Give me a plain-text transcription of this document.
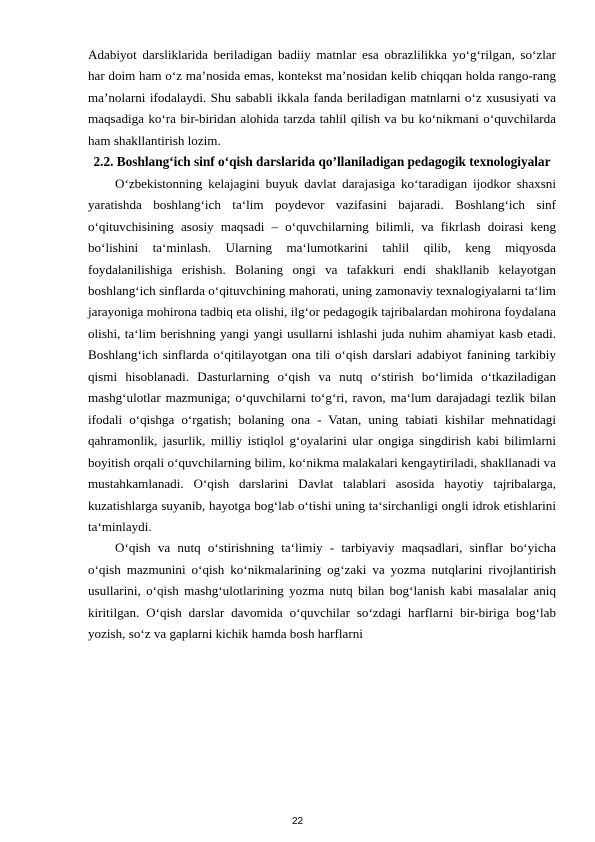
Adabiyot darsliklarida beriladigan badiiy matnlar esa obrazlilikka yo‘g‘rilgan, so‘zlar har doim ham o‘z ma’nosida emas, kontekst ma’nosidan kelib chiqqan holda rango-rang ma’nolarni ifodalaydi. Shu sababli ikkala fanda beriladigan matnlarni o‘z xususiyati va maqsadiga ko‘ra bir-biridan alohida tarzda tahlil qilish va bu ko‘nikmani o‘quvchilarda ham shakllantirish lozim.

2.2. Boshlang‘ich sinf o‘qish darslarida qo’llaniladigan pedagogik texnologiyalar

O‘zbekistonning kelajagini buyuk davlat darajasiga ko‘taradigan ijodkor shaxsni yaratishda boshlang‘ich ta‘lim poydevor vazifasini bajaradi. Boshlang‘ich sinf o‘qituvchisining asosiy maqsadi – o‘quvchilarning bilimli, va fikrlash doirasi keng bo‘lishini ta‘minlash. Ularning ma‘lumotkarini tahlil qilib, keng miqyosda foydalanilishiga erishish. Bolaning ongi va tafakkuri endi shakllanib kelayotgan boshlang‘ich sinflarda o‘qituvchining mahorati, uning zamonaviy texnalogiyalarni ta‘lim jarayoniga mohirona tadbiq eta olishi, ilg‘or pedagogik tajribalardan mohirona foydalana olishi, ta‘lim berishning yangi yangi usullarni ishlashi juda nuhim ahamiyat kasb etadi. Boshlang‘ich sinflarda o‘qitilayotgan ona tili o‘qish darslari adabiyot fanining tarkibiy qismi hisoblanadi. Dasturlarning o‘qish va nutq o‘stirish bo‘limida o‘tkaziladigan mashg‘ulotlar mazmuniga; o‘quvchilarni to‘g‘ri, ravon, ma‘lum darajadagi tezlik bilan ifodali o‘qishga o‘rgatish; bolaning ona - Vatan, uning tabiati kishilar mehnatidagi qahramonlik, jasurlik, milliy istiqlol g‘oyalarini ular ongiga singdirish kabi bilimlarni boyitish orqali o‘quvchilarning bilim, ko‘nikma malakalari kengaytiriladi, shakllanadi va mustahkamlanadi. O‘qish darslarini Davlat talablari asosida hayotiy tajribalarga, kuzatishlarga suyanib, hayotga bog‘lab o‘tishi uning ta‘sirchanligi ongli idrok etishlarini ta‘minlaydi.

O‘qish va nutq o‘stirishning ta‘limiy - tarbiyaviy maqsadlari, sinflar bo‘yicha o‘qish mazmunini o‘qish ko‘nikmalarining og‘zaki va yozma nutqlarini rivojlantirish usullarini, o‘qish mashg‘ulotlarining yozma nutq bilan bog‘lanish kabi masalalar aniq kiritilgan. O‘qish darslar davomida o‘quvchilar so‘zdagi harflarni bir-biriga bog‘lab yozish, so‘z va gaplarni kichik hamda bosh harflarni

22
